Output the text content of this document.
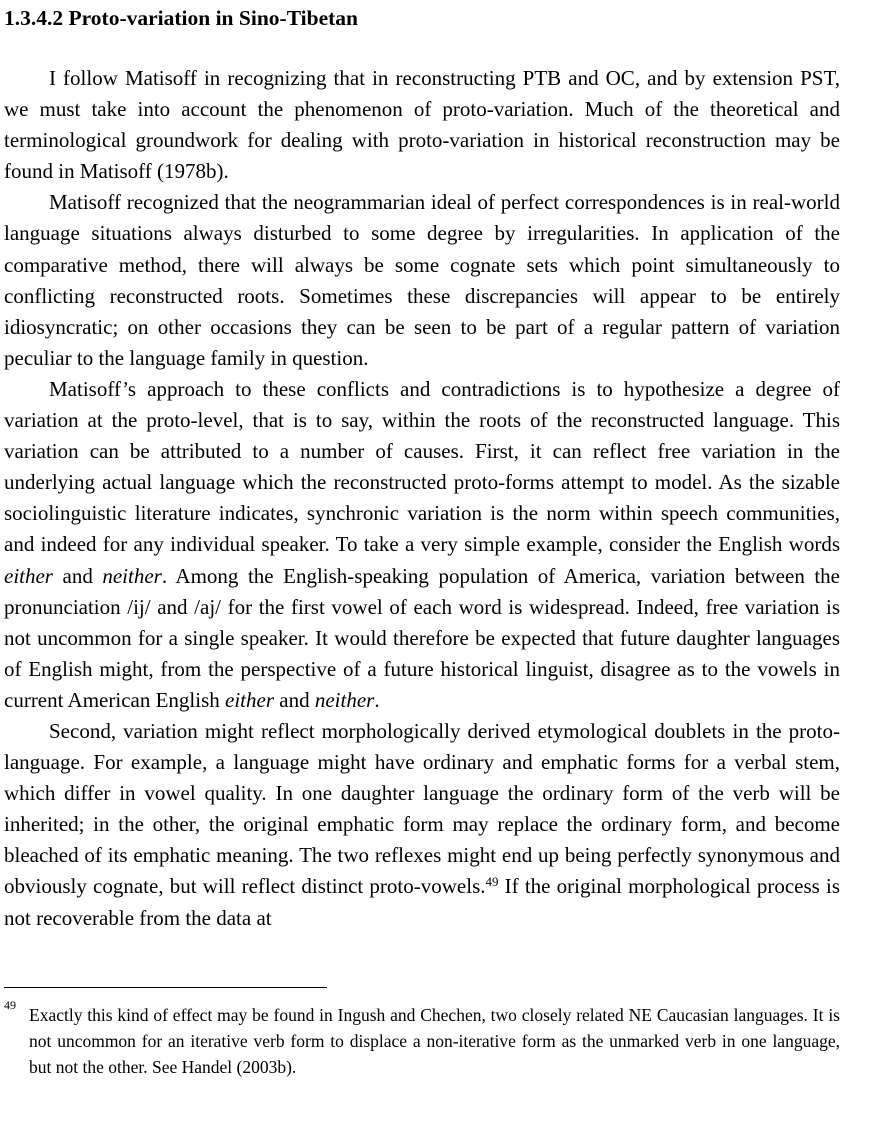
1.3.4.2 Proto-variation in Sino-Tibetan

I follow Matisoff in recognizing that in reconstructing PTB and OC, and by extension PST, we must take into account the phenomenon of proto-variation. Much of the theoretical and terminological groundwork for dealing with proto-variation in historical reconstruction may be found in Matisoff (1978b).

Matisoff recognized that the neogrammarian ideal of perfect correspondences is in real-world language situations always disturbed to some degree by irregularities. In application of the comparative method, there will always be some cognate sets which point simultaneously to conflicting reconstructed roots. Sometimes these discrepancies will appear to be entirely idiosyncratic; on other occasions they can be seen to be part of a regular pattern of variation peculiar to the language family in question.

Matisoff’s approach to these conflicts and contradictions is to hypothesize a degree of variation at the proto-level, that is to say, within the roots of the reconstructed language. This variation can be attributed to a number of causes. First, it can reflect free variation in the underlying actual language which the reconstructed proto-forms attempt to model. As the sizable sociolinguistic literature indicates, synchronic variation is the norm within speech communities, and indeed for any individual speaker. To take a very simple example, consider the English words either and neither. Among the English-speaking population of America, variation between the pronunciation /ij/ and /aj/ for the first vowel of each word is widespread. Indeed, free variation is not uncommon for a single speaker. It would therefore be expected that future daughter languages of English might, from the perspective of a future historical linguist, disagree as to the vowels in current American English either and neither.

Second, variation might reflect morphologically derived etymological doublets in the proto-language. For example, a language might have ordinary and emphatic forms for a verbal stem, which differ in vowel quality. In one daughter language the ordinary form of the verb will be inherited; in the other, the original emphatic form may replace the ordinary form, and become bleached of its emphatic meaning. The two reflexes might end up being perfectly synonymous and obviously cognate, but will reflect distinct proto-vowels.$^{49}$ If the original morphological process is not recoverable from the data at

49 Exactly this kind of effect may be found in Ingush and Chechen, two closely related NE Caucasian languages. It is not uncommon for an iterative verb form to displace a non-iterative form as the unmarked verb in one language, but not the other. See Handel (2003b).
